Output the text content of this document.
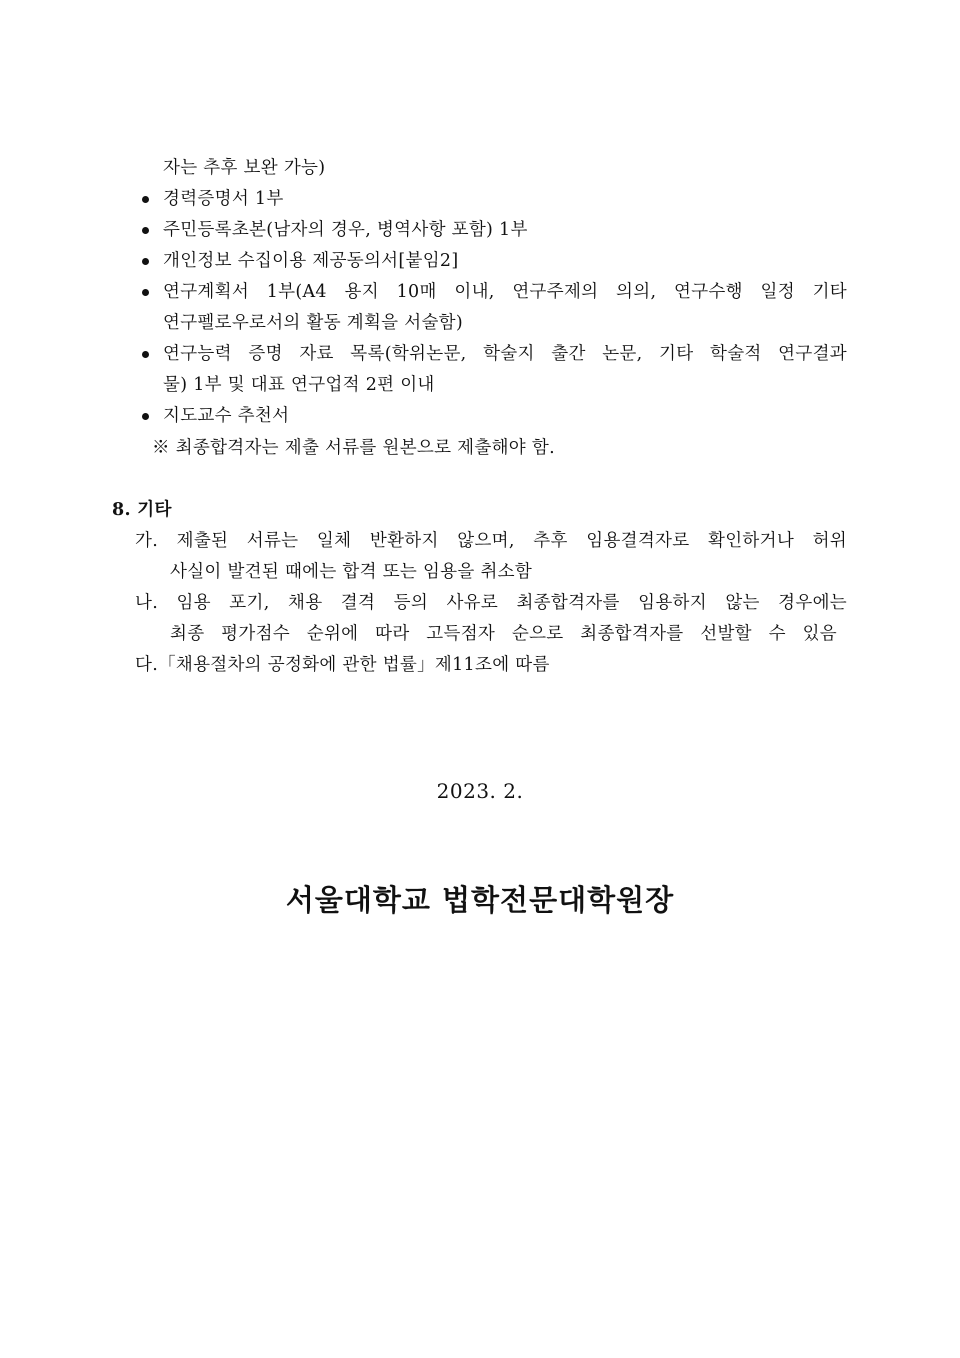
자는 추후 보완 가능)
경력증명서 1부
주민등록초본(남자의 경우, 병역사항 포함) 1부
개인정보 수집이용 제공동의서[붙임2]
연구계획서 1부(A4 용지 10매 이내, 연구주제의 의의, 연구수행 일정 기타
연구펠로우로서의 활동 계획을 서술함)
연구능력 증명 자료 목록(학위논문, 학술지 출간 논문, 기타 학술적 연구결과
물) 1부 및 대표 연구업적 2편 이내
지도교수 추천서
※ 최종합격자는 제출 서류를 원본으로 제출해야 함.
8. 기타
가. 제출된 서류는 일체 반환하지 않으며, 추후 임용결격자로 확인하거나 허위
사실이 발견된 때에는 합격 또는 임용을 취소함
나. 임용 포기, 채용 결격 등의 사유로 최종합격자를 임용하지 않는 경우에는
최종 평가점수 순위에 따라 고득점자 순으로 최종합격자를 선발할 수 있음
다.「채용절차의 공정화에 관한 법률」제11조에 따름
2023. 2.
서울대학교 법학전문대학원장
